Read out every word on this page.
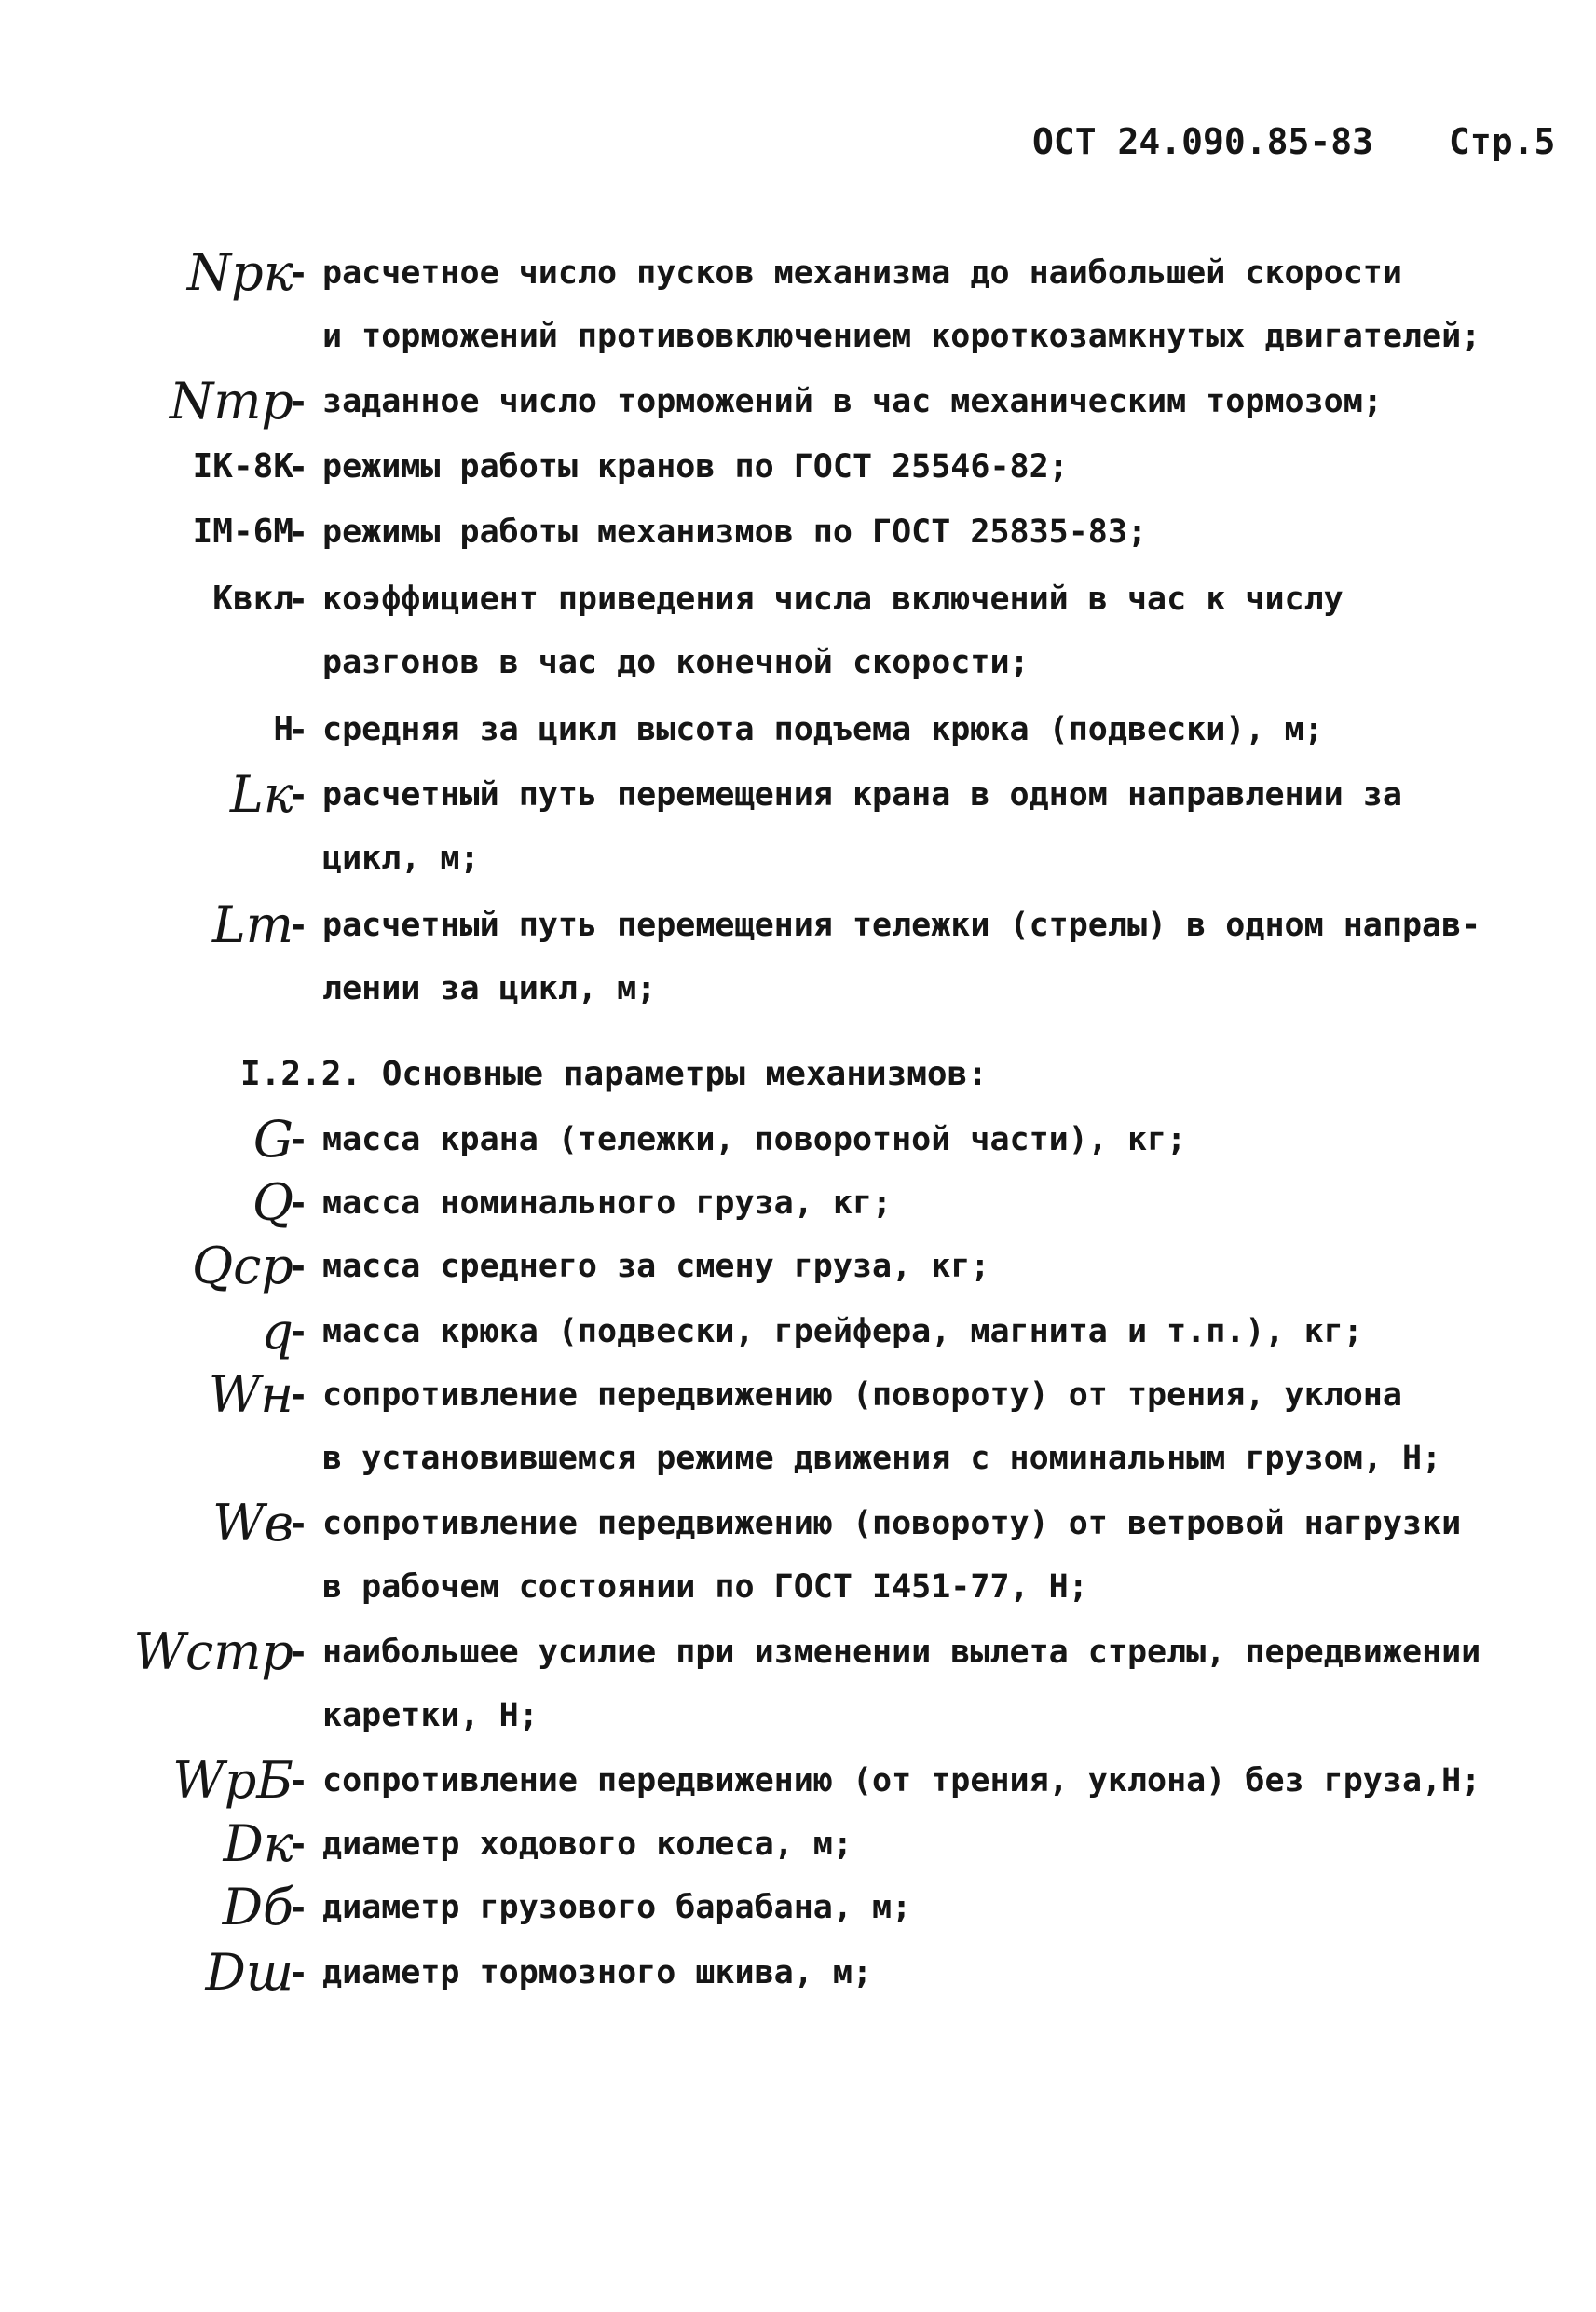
ОСТ 24.090.85-83 Стр.5
Nрк
- расчетное число пусков механизма до наибольшей скорости
и торможений противовключением короткозамкнутых двигателей;
Nтр
- заданное число торможений в час механическим тормозом;
IК-8К
- режимы работы кранов по ГОСТ 25546-82;
IМ-6М
- режимы работы механизмов по ГОСТ 25835-83;
Квкл
- коэффициент приведения числа включений в час к числу
разгонов в час до конечной скорости;
Н
- средняя за цикл высота подъема крюка (подвески), м;
Lк
- расчетный путь перемещения крана в одном направлении за
цикл, м;
Lт
- расчетный путь перемещения тележки (стрелы) в одном направ-
лении за цикл, м;
I.2.2. Основные параметры механизмов:
G
- масса крана (тележки, поворотной части), кг;
Q
- масса номинального груза, кг;
Qср
- масса среднего за смену груза, кг;
q
- масса крюка (подвески, грейфера, магнита и т.п.), кг;
Wн
- сопротивление передвижению (повороту) от трения, уклона
в установившемся режиме движения с номинальным грузом, Н;
Wв
- сопротивление передвижению (повороту) от ветровой нагрузки
в рабочем состоянии по ГОСТ I451-77, Н;
Wстр
- наибольшее усилие при изменении вылета стрелы, передвижении
каретки, Н;
WрБ
- сопротивление передвижению (от трения, уклона) без груза,Н;
Dк
- диаметр ходового колеса, м;
Dб
- диаметр грузового барабана, м;
Dш
- диаметр тормозного шкива, м;
